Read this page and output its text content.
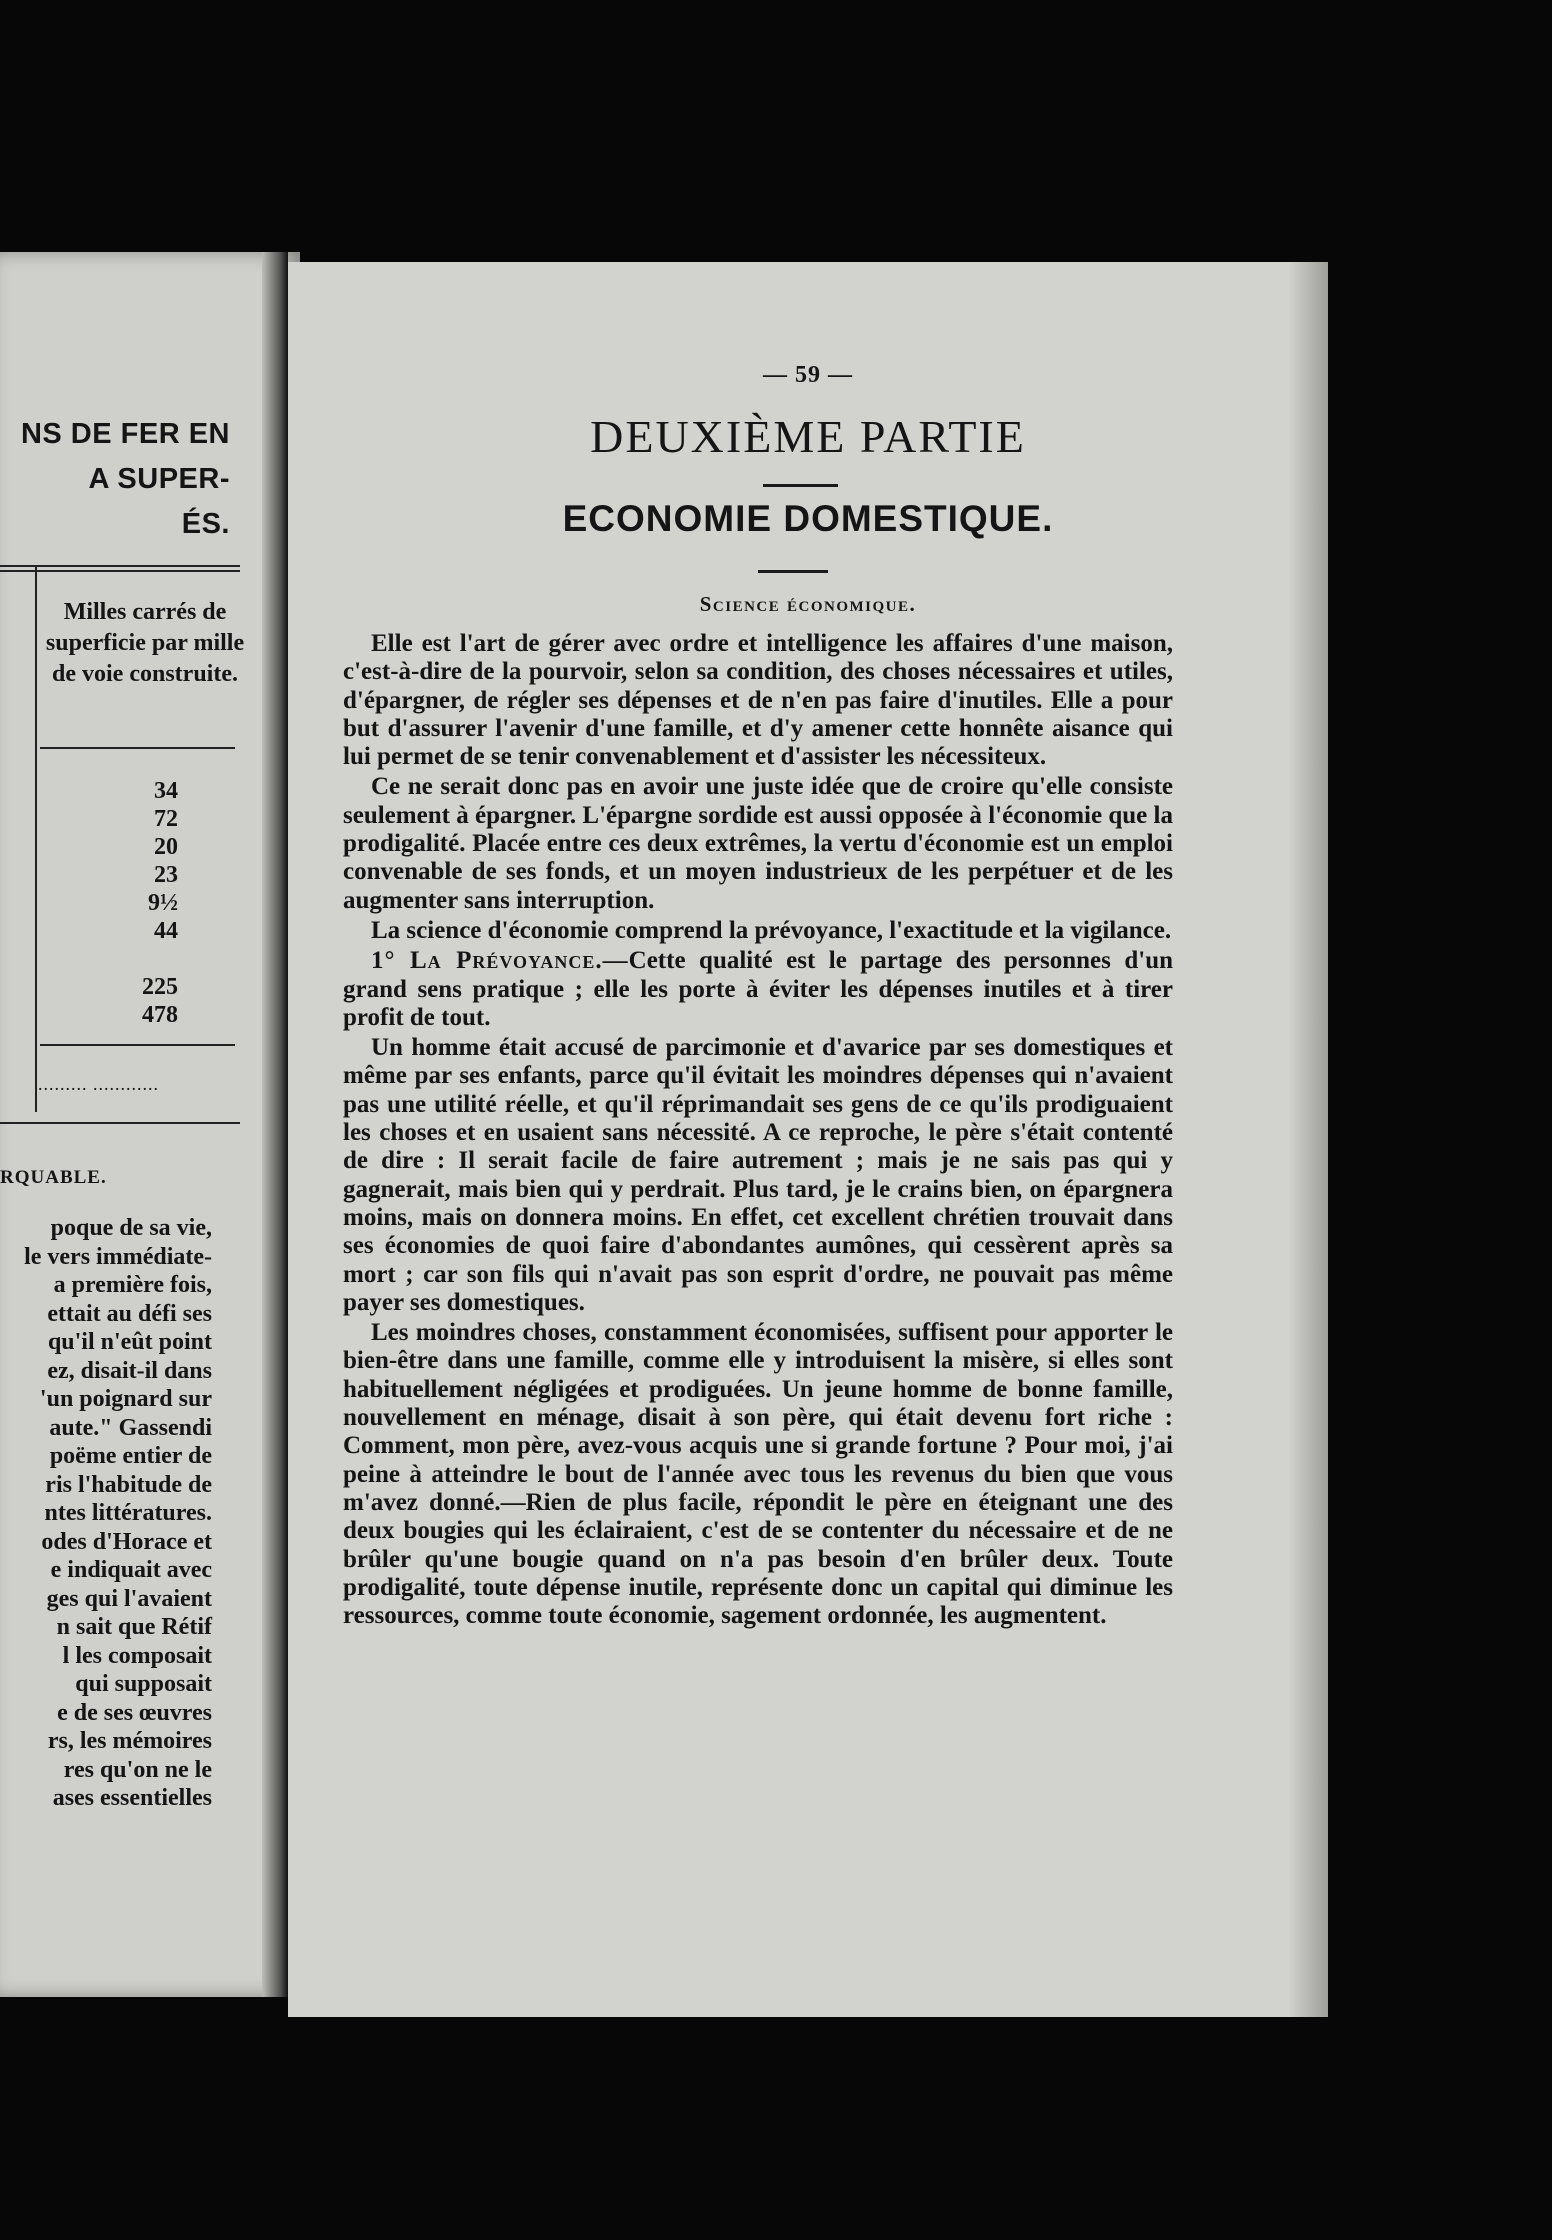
NS DE FER EN
A SUPER-
ÉS.
Milles carrés de superficie par mille de voie construite.
34
72
20
23
9½
44
225
478
......... ............
RQUABLE.
poque de sa vie,
le vers immédiate-
a première fois,
ettait au défi ses
qu'il n'eût point
ez, disait-il dans
'un poignard sur
aute." Gassendi
poëme entier de
ris l'habitude de
ntes littératures.
odes d'Horace et
e indiquait avec
ges qui l'avaient
n sait que Rétif
l les composait
qui supposait
e de ses œuvres
rs, les mémoires
res qu'on ne le
ases essentielles
— 59 —
DEUXIÈME PARTIE
ECONOMIE DOMESTIQUE.
Science économique.

Elle est l'art de gérer avec ordre et intelligence les affaires d'une maison, c'est-à-dire de la pourvoir, selon sa condition, des choses nécessaires et utiles, d'épargner, de régler ses dépenses et de n'en pas faire d'inutiles. Elle a pour but d'assurer l'avenir d'une famille, et d'y amener cette honnête aisance qui lui permet de se tenir convenablement et d'assister les nécessiteux.

Ce ne serait donc pas en avoir une juste idée que de croire qu'elle consiste seulement à épargner. L'épargne sordide est aussi opposée à l'économie que la prodigalité. Placée entre ces deux extrêmes, la vertu d'économie est un emploi convenable de ses fonds, et un moyen industrieux de les perpétuer et de les augmenter sans interruption.

La science d'économie comprend la prévoyance, l'exactitude et la vigilance.

1° La Prévoyance.—Cette qualité est le partage des personnes d'un grand sens pratique ; elle les porte à éviter les dépenses inutiles et à tirer profit de tout.

Un homme était accusé de parcimonie et d'avarice par ses domestiques et même par ses enfants, parce qu'il évitait les moindres dépenses qui n'avaient pas une utilité réelle, et qu'il réprimandait ses gens de ce qu'ils prodiguaient les choses et en usaient sans nécessité. A ce reproche, le père s'était contenté de dire : Il serait facile de faire autrement ; mais je ne sais pas qui y gagnerait, mais bien qui y perdrait. Plus tard, je le crains bien, on épargnera moins, mais on donnera moins. En effet, cet excellent chrétien trouvait dans ses économies de quoi faire d'abondantes aumônes, qui cessèrent après sa mort ; car son fils qui n'avait pas son esprit d'ordre, ne pouvait pas même payer ses domestiques.

Les moindres choses, constamment économisées, suffisent pour apporter le bien-être dans une famille, comme elle y introduisent la misère, si elles sont habituellement négligées et prodiguées. Un jeune homme de bonne famille, nouvellement en ménage, disait à son père, qui était devenu fort riche : Comment, mon père, avez-vous acquis une si grande fortune ? Pour moi, j'ai peine à atteindre le bout de l'année avec tous les revenus du bien que vous m'avez donné.—Rien de plus facile, répondit le père en éteignant une des deux bougies qui les éclairaient, c'est de se contenter du nécessaire et de ne brûler qu'une bougie quand on n'a pas besoin d'en brûler deux. Toute prodigalité, toute dépense inutile, représente donc un capital qui diminue les ressources, comme toute économie, sagement ordonnée, les augmentent.
